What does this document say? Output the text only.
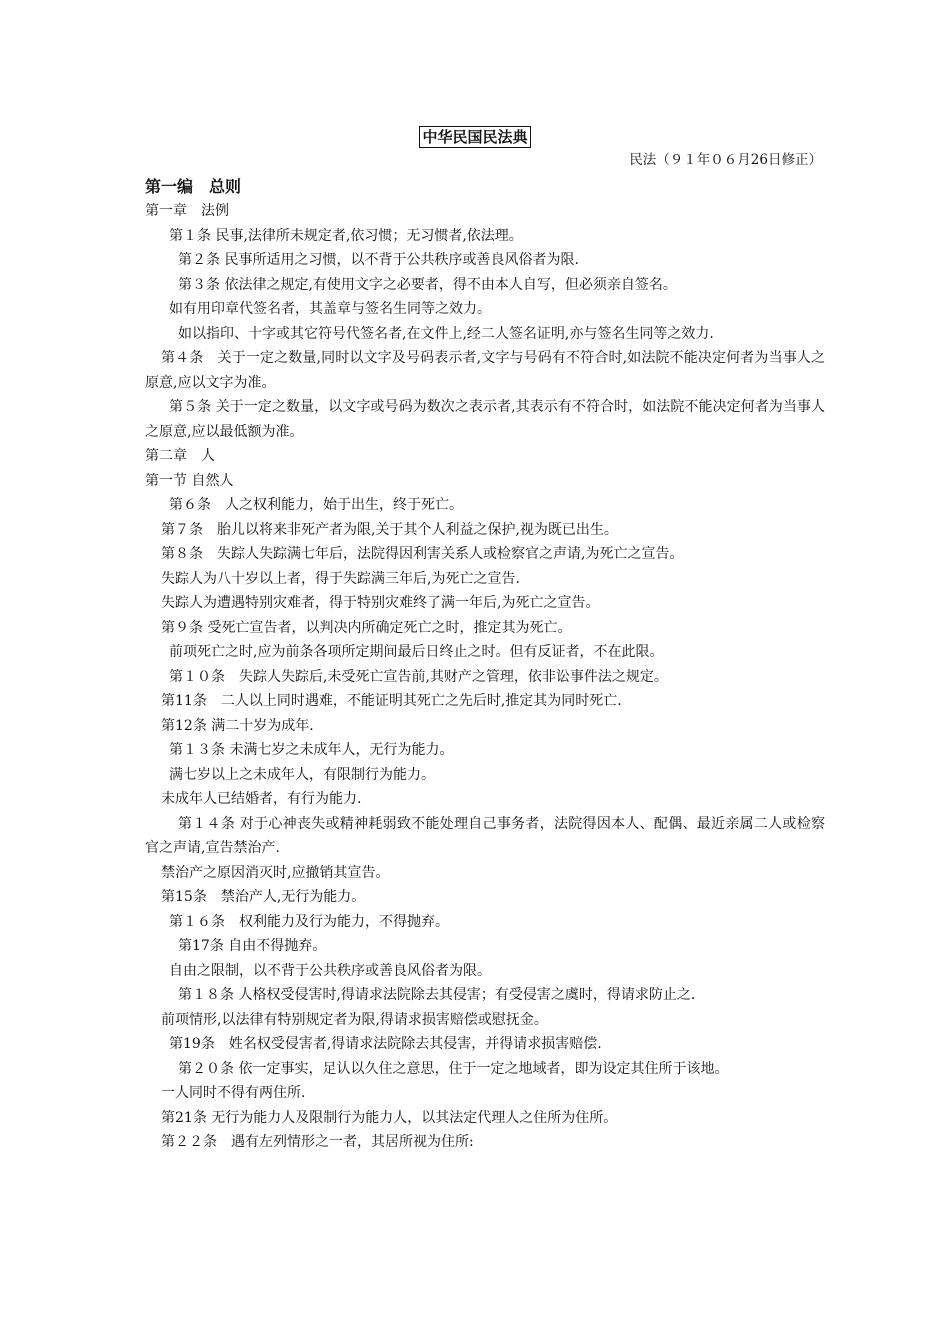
中华民国民法典
民法（９１年０６月26日修正）

第一编　总则

第一章　法例

第１条 民事,法律所未规定者,依习惯；无习惯者,依法理。

第２条 民事所适用之习惯，以不背于公共秩序或善良风俗者为限.

第３条 依法律之规定,有使用文字之必要者，得不由本人自写，但必须亲自签名。

如有用印章代签名者，其盖章与签名生同等之效力。

如以指印、十字或其它符号代签名者,在文件上,经二人签名证明,亦与签名生同等之效力.

第４条　关于一定之数量,同时以文字及号码表示者,文字与号码有不符合时,如法院不能决定何者为当事人之原意,应以文字为准。

第５条 关于一定之数量，以文字或号码为数次之表示者,其表示有不符合时，如法院不能决定何者为当事人之原意,应以最低额为准。

第二章　人

第一节 自然人

第６条　人之权利能力，始于出生，终于死亡。

第７条　胎儿以将来非死产者为限,关于其个人利益之保护,视为既已出生。

第８条　失踪人失踪满七年后，法院得因利害关系人或检察官之声请,为死亡之宣告。

失踪人为八十岁以上者，得于失踪满三年后,为死亡之宣告.

失踪人为遭遇特别灾难者，得于特别灾难终了满一年后,为死亡之宣告。

第９条 受死亡宣告者，以判决内所确定死亡之时，推定其为死亡。

前项死亡之时,应为前条各项所定期间最后日终止之时。但有反证者，不在此限。

第１０条　失踪人失踪后,未受死亡宣告前,其财产之管理，依非讼事件法之规定。

第11条　二人以上同时遇难，不能证明其死亡之先后时,推定其为同时死亡.

第12条 满二十岁为成年.

第１３条 未满七岁之未成年人，无行为能力。

满七岁以上之未成年人，有限制行为能力。

未成年人已结婚者，有行为能力.

第１４条 对于心神丧失或精神耗弱致不能处理自己事务者，法院得因本人、配偶、最近亲属二人或检察官之声请,宣告禁治产.

禁治产之原因消灭时,应撤销其宣告。

第15条　禁治产人,无行为能力。

第１６条　权利能力及行为能力，不得抛弃。

第17条 自由不得抛弃。

自由之限制，以不背于公共秩序或善良风俗者为限。

第１８条 人格权受侵害时,得请求法院除去其侵害；有受侵害之虞时，得请求防止之.

前项情形,以法律有特别规定者为限,得请求损害赔偿或慰抚金。

第19条　姓名权受侵害者,得请求法院除去其侵害，并得请求损害赔偿.

第２０条 依一定事实，足认以久住之意思，住于一定之地域者，即为设定其住所于该地。

一人同时不得有两住所.

第21条 无行为能力人及限制行为能力人，以其法定代理人之住所为住所。

第２２条　遇有左列情形之一者，其居所视为住所:
